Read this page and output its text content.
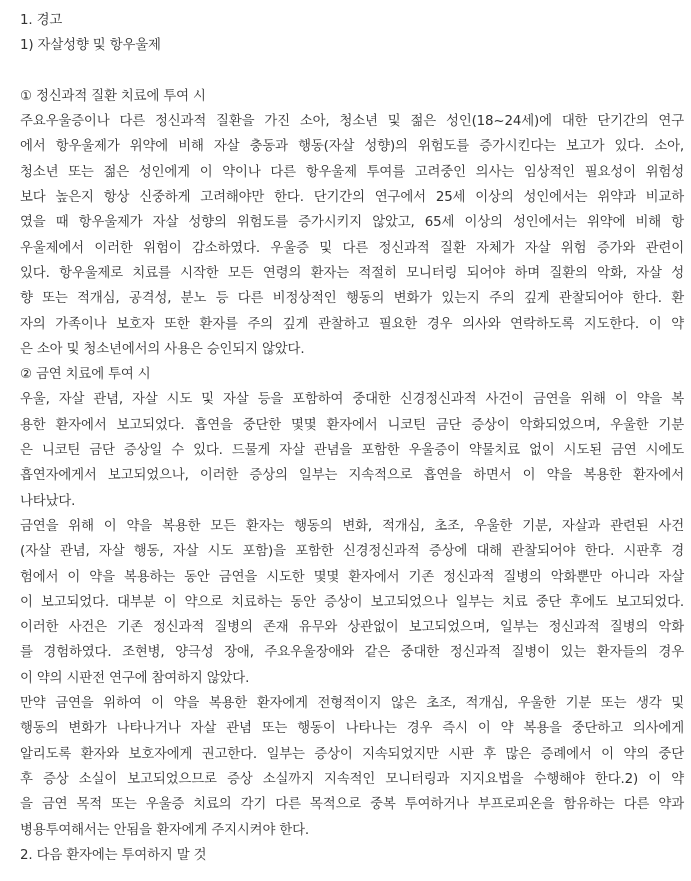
1. 경고
1) 자살성향 및 항우울제
① 정신과적 질환 치료에 투여 시
주요우울증이나 다른 정신과적 질환을 가진 소아, 청소년 및 젊은 성인(18~24세)에 대한 단기간의 연구
에서 항우울제가 위약에 비해 자살 충동과 행동(자살 성향)의 위험도를 증가시킨다는 보고가 있다. 소아,
청소년 또는 젊은 성인에게 이 약이나 다른 항우울제 투여를 고려중인 의사는 임상적인 필요성이 위험성
보다 높은지 항상 신중하게 고려해야만 한다. 단기간의 연구에서 25세 이상의 성인에서는 위약과 비교하
였을 때 항우울제가 자살 성향의 위험도를 증가시키지 않았고, 65세 이상의 성인에서는 위약에 비해 항
우울제에서 이러한 위험이 감소하였다. 우울증 및 다른 정신과적 질환 자체가 자살 위험 증가와 관련이
있다. 항우울제로 치료를 시작한 모든 연령의 환자는 적절히 모니터링 되어야 하며 질환의 악화, 자살 성
향 또는 적개심, 공격성, 분노 등 다른 비정상적인 행동의 변화가 있는지 주의 깊게 관찰되어야 한다. 환
자의 가족이나 보호자 또한 환자를 주의 깊게 관찰하고 필요한 경우 의사와 연락하도록 지도한다. 이 약
은 소아 및 청소년에서의 사용은 승인되지 않았다.
② 금연 치료에 투여 시
우울, 자살 관념, 자살 시도 및 자살 등을 포함하여 중대한 신경정신과적 사건이 금연을 위해 이 약을 복
용한 환자에서 보고되었다. 흡연을 중단한 몇몇 환자에서 니코틴 금단 증상이 악화되었으며, 우울한 기분
은 니코틴 금단 증상일 수 있다. 드물게 자살 관념을 포함한 우울증이 약물치료 없이 시도된 금연 시에도
흡연자에게서 보고되었으나, 이러한 증상의 일부는 지속적으로 흡연을 하면서 이 약을 복용한 환자에서
나타났다.
금연을 위해 이 약을 복용한 모든 환자는 행동의 변화, 적개심, 초조, 우울한 기분, 자살과 관련된 사건
(자살 관념, 자살 행동, 자살 시도 포함)을 포함한 신경정신과적 증상에 대해 관찰되어야 한다. 시판후 경
험에서 이 약을 복용하는 동안 금연을 시도한 몇몇 환자에서 기존 정신과적 질병의 악화뿐만 아니라 자살
이 보고되었다. 대부분 이 약으로 치료하는 동안 증상이 보고되었으나 일부는 치료 중단 후에도 보고되었다.
이러한 사건은 기존 정신과적 질병의 존재 유무와 상관없이 보고되었으며, 일부는 정신과적 질병의 악화
를 경험하였다. 조현병, 양극성 장애, 주요우울장애와 같은 중대한 정신과적 질병이 있는 환자들의 경우
이 약의 시판전 연구에 참여하지 않았다.
만약 금연을 위하여 이 약을 복용한 환자에게 전형적이지 않은 초조, 적개심, 우울한 기분 또는 생각 및
행동의 변화가 나타나거나 자살 관념 또는 행동이 나타나는 경우 즉시 이 약 복용을 중단하고 의사에게
알리도록 환자와 보호자에게 권고한다. 일부는 증상이 지속되었지만 시판 후 많은 증례에서 이 약의 중단
후 증상 소실이 보고되었으므로 증상 소실까지 지속적인 모니터링과 지지요법을 수행해야 한다.2) 이 약
을 금연 목적 또는 우울증 치료의 각기 다른 목적으로 중복 투여하거나 부프로피온을 함유하는 다른 약과
병용투여해서는 안됨을 환자에게 주지시켜야 한다.
2. 다음 환자에는 투여하지 말 것
